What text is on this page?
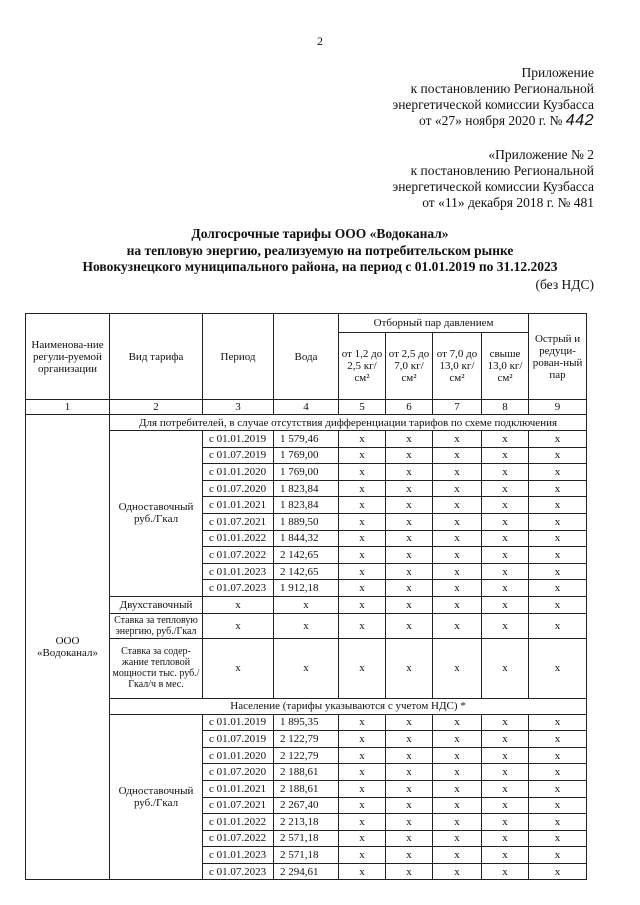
2
Приложение
к постановлению Региональной
энергетической комиссии Кузбасса
от «27» ноября 2020 г. № 442
«Приложение № 2
к постановлению Региональной
энергетической комиссии Кузбасса
от «11» декабря 2018 г. № 481
Долгосрочные тарифы ООО «Водоканал»
на тепловую энергию, реализуемую на потребительском рынке
Новокузнецкого муниципального района, на период с 01.01.2019 по 31.12.2023
(без НДС)
Наименова-ние регули-руемой организации	Вид тарифа	Период	Вода	Отборный пар давлением				Острый и редуци-рован-ный пар
				от 1,2 до 2,5 кг/см²	от 2,5 до 7,0 кг/см²	от 7,0 до 13,0 кг/см²	свыше 13,0 кг/см²	
1	2	3	4	5	6	7	8	9
ООО «Водоканал»	Для потребителей, в случае отсутствия дифференциации тарифов по схеме подключения							
	Одноставочный руб./Гкал	с 01.01.2019	1 579,46	х	х	х	х	х
		с 01.07.2019	1 769,00	х	х	х	х	х
		с 01.01.2020	1 769,00	х	х	х	х	х
		с 01.07.2020	1 823,84	х	х	х	х	х
		с 01.01.2021	1 823,84	х	х	х	х	х
		с 01.07.2021	1 889,50	х	х	х	х	х
		с 01.01.2022	1 844,32	х	х	х	х	х
		с 01.07.2022	2 142,65	х	х	х	х	х
		с 01.01.2023	2 142,65	х	х	х	х	х
		с 01.07.2023	1 912,18	х	х	х	х	х
	Двухставочный	х	х	х	х	х	х	х
	Ставка за тепловую энергию, руб./Гкал	х	х	х	х	х	х	х
	Ставка за содер-жание тепловой мощности тыс. руб./Гкал/ч в мес.	х	х	х	х	х	х	х
	Население (тарифы указываются с учетом НДС) *							
	Одноставочный руб./Гкал	с 01.01.2019	1 895,35	х	х	х	х	х
		с 01.07.2019	2 122,79	х	х	х	х	х
		с 01.01.2020	2 122,79	х	х	х	х	х
		с 01.07.2020	2 188,61	х	х	х	х	х
		с 01.01.2021	2 188,61	х	х	х	х	х
		с 01.07.2021	2 267,40	х	х	х	х	х
		с 01.01.2022	2 213,18	х	х	х	х	х
		с 01.07.2022	2 571,18	х	х	х	х	х
		с 01.01.2023	2 571,18	х	х	х	х	х
		с 01.07.2023	2 294,61	х	х	х	х	х
